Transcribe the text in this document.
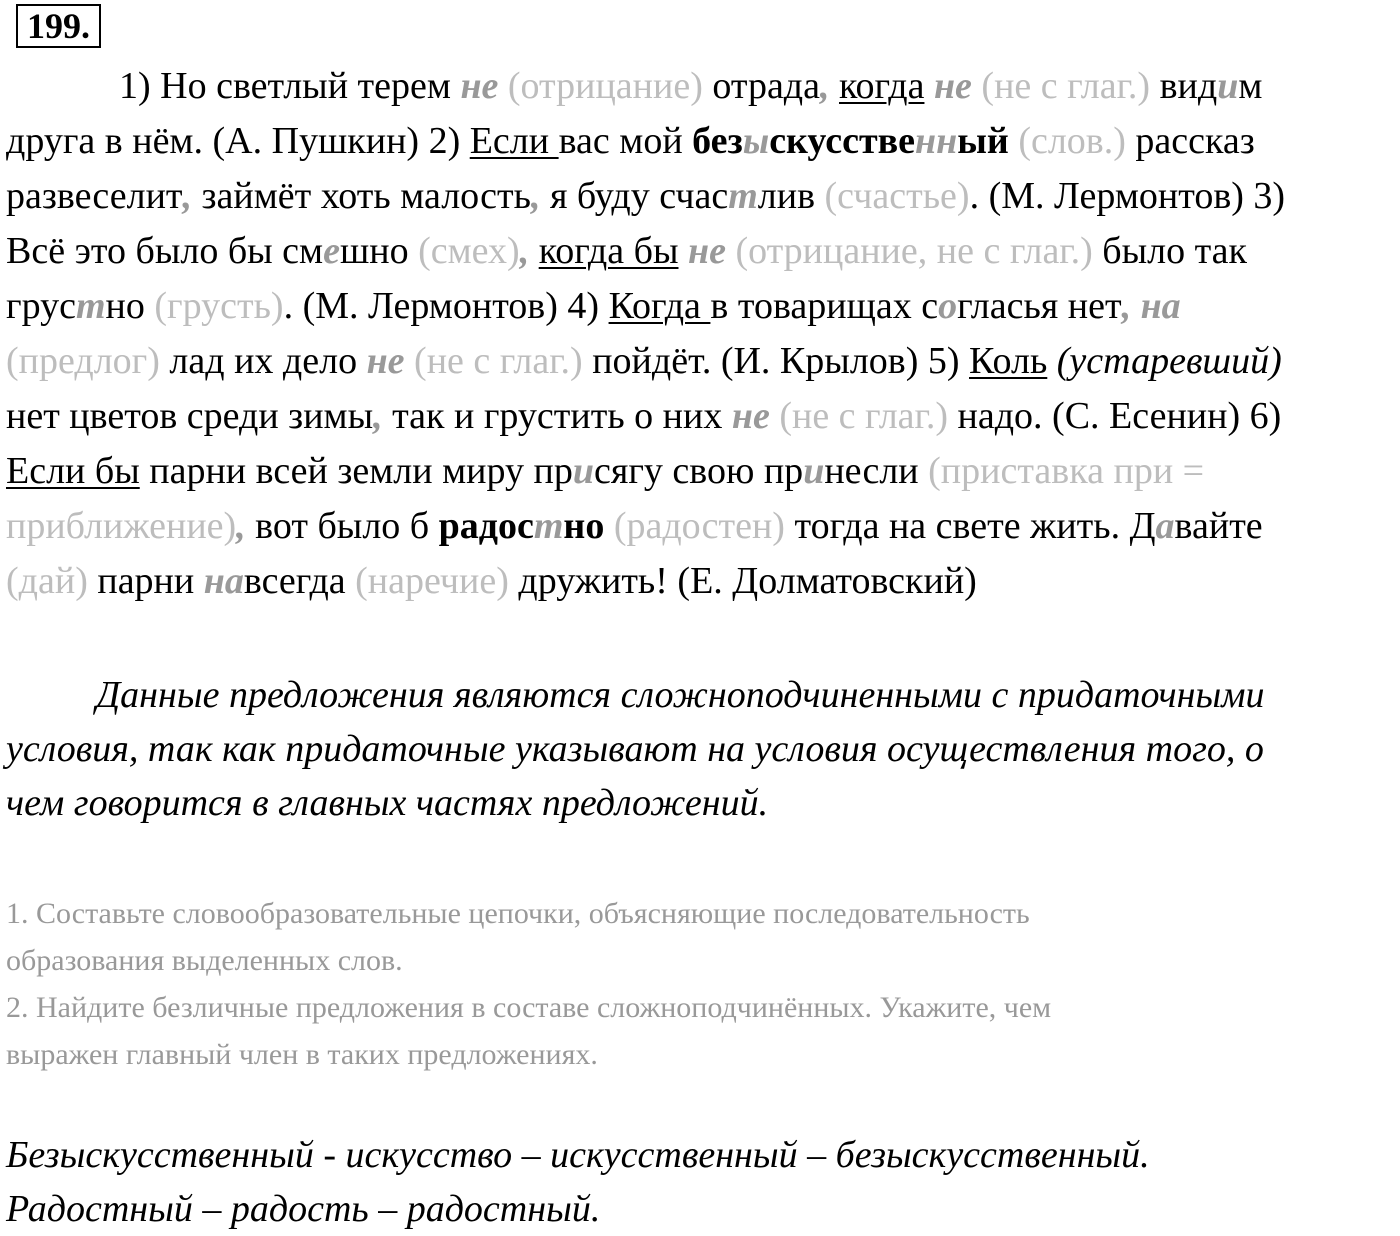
199.
1) Но светлый терем не (отрицание) отрада, когда не (не с глаг.) видим
друга в нём. (А. Пушкин) 2) Если вас мой безыскусственный (слов.) рассказ
развеселит, займёт хоть малость, я буду счастлив (счастье). (М. Лермонтов) 3)
Всё это было бы смешно (смех), когда бы не (отрицание, не с глаг.) было так
грустно (грусть). (М. Лермонтов) 4) Когда в товарищах согласья нет, на
(предлог) лад их дело не (не с глаг.) пойдёт. (И. Крылов) 5) Коль (устаревший)
нет цветов среди зимы, так и грустить о них не (не с глаг.) надо. (С. Есенин) 6)
Если бы парни всей земли миру присягу свою принесли (приставка при =
приближение), вот было б радостно (радостен) тогда на свете жить. Давайте
(дай) парни навсегда (наречие) дружить! (Е. Долматовский)
Данные предложения являются сложноподчиненными с придаточными
условия, так как придаточные указывают на условия осуществления того, о
чем говорится в главных частях предложений.
1. Составьте словообразовательные цепочки, объясняющие последовательность
образования выделенных слов.
2. Найдите безличные предложения в составе сложноподчинённых. Укажите, чем
выражен главный член в таких предложениях.
Безыскусственный - искусство – искусственный – безыскусственный.
Радостный – радость – радостный.
